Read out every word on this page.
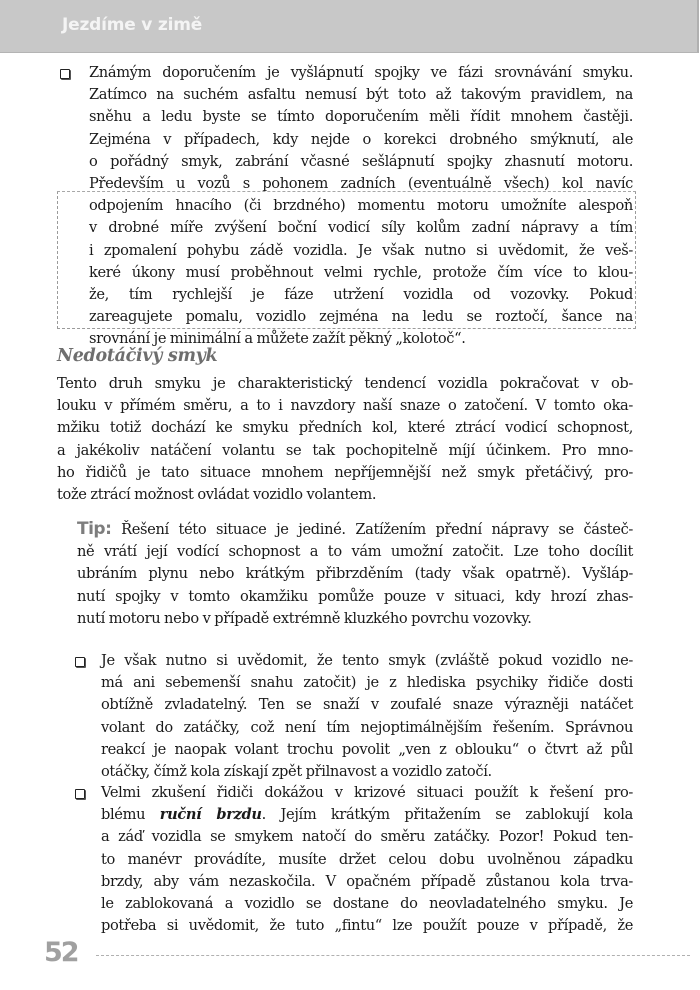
Jezdíme v zimě
Známým doporučením je vyšlápnutí spojky ve fázi srovnávání smyku.
Zatímco na suchém asfaltu nemusí být toto až takovým pravidlem, na
sněhu a ledu byste se tímto doporučením měli řídit mnohem častěji.
Zejména v případech, kdy nejde o korekci drobného smýknutí, ale
o pořádný smyk, zabrání včasné sešlápnutí spojky zhasnutí motoru.
Především u vozů s pohonem zadních (eventuálně všech) kol navíc
odpojením hnacího (či brzdného) momentu motoru umožníte alespoň
v drobné míře zvýšení boční vodicí síly kolům zadní nápravy a tím
i zpomalení pohybu zádě vozidla. Je však nutno si uvědomit, že veš-
keré úkony musí proběhnout velmi rychle, protože čím více to klou-
že, tím rychlejší je fáze utržení vozidla od vozovky. Pokud
zareagujete pomalu, vozidlo zejména na ledu se roztočí, šance na
srovnání je minimální a můžete zažít pěkný „kolotoč“.
Nedotáčivý smyk
Tento druh smyku je charakteristický tendencí vozidla pokračovat v ob-
louku v přímém směru, a to i navzdory naší snaze o zatočení. V tomto oka-
mžiku totiž dochází ke smyku předních kol, které ztrácí vodicí schopnost,
a jakékoliv natáčení volantu se tak pochopitelně míjí účinkem. Pro mno-
ho řidičů je tato situace mnohem nepříjemnější než smyk přetáčivý, pro-
tože ztrácí možnost ovládat vozidlo volantem.
Tip: Řešení této situace je jediné. Zatížením přední nápravy se částeč-
ně vrátí její vodící schopnost a to vám umožní zatočit. Lze toho docílit
ubráním plynu nebo krátkým přibrzděním (tady však opatrně). Vyšláp-
nutí spojky v tomto okamžiku pomůže pouze v situaci, kdy hrozí zhas-
nutí motoru nebo v případě extrémně kluzkého povrchu vozovky.
Je však nutno si uvědomit, že tento smyk (zvláště pokud vozidlo ne-
má ani sebemenší snahu zatočit) je z hlediska psychiky řidiče dosti
obtížně zvladatelný. Ten se snaží v zoufalé snaze výrazněji natáčet
volant do zatáčky, což není tím nejoptimálnějším řešením. Správnou
reakcí je naopak volant trochu povolit „ven z oblouku“ o čtvrt až půl
otáčky, čímž kola získají zpět přilnavost a vozidlo zatočí.
Velmi zkušení řidiči dokážou v krizové situaci použít k řešení pro-
blému ruční brzdu. Jejím krátkým přitažením se zablokují kola
a záď vozidla se smykem natočí do směru zatáčky. Pozor! Pokud ten-
to manévr provádíte, musíte držet celou dobu uvolněnou západku
brzdy, aby vám nezaskočila. V opačném případě zůstanou kola trva-
le zablokovaná a vozidlo se dostane do neovladatelného smyku. Je
potřeba si uvědomit, že tuto „fintu“ lze použít pouze v případě, že
52
